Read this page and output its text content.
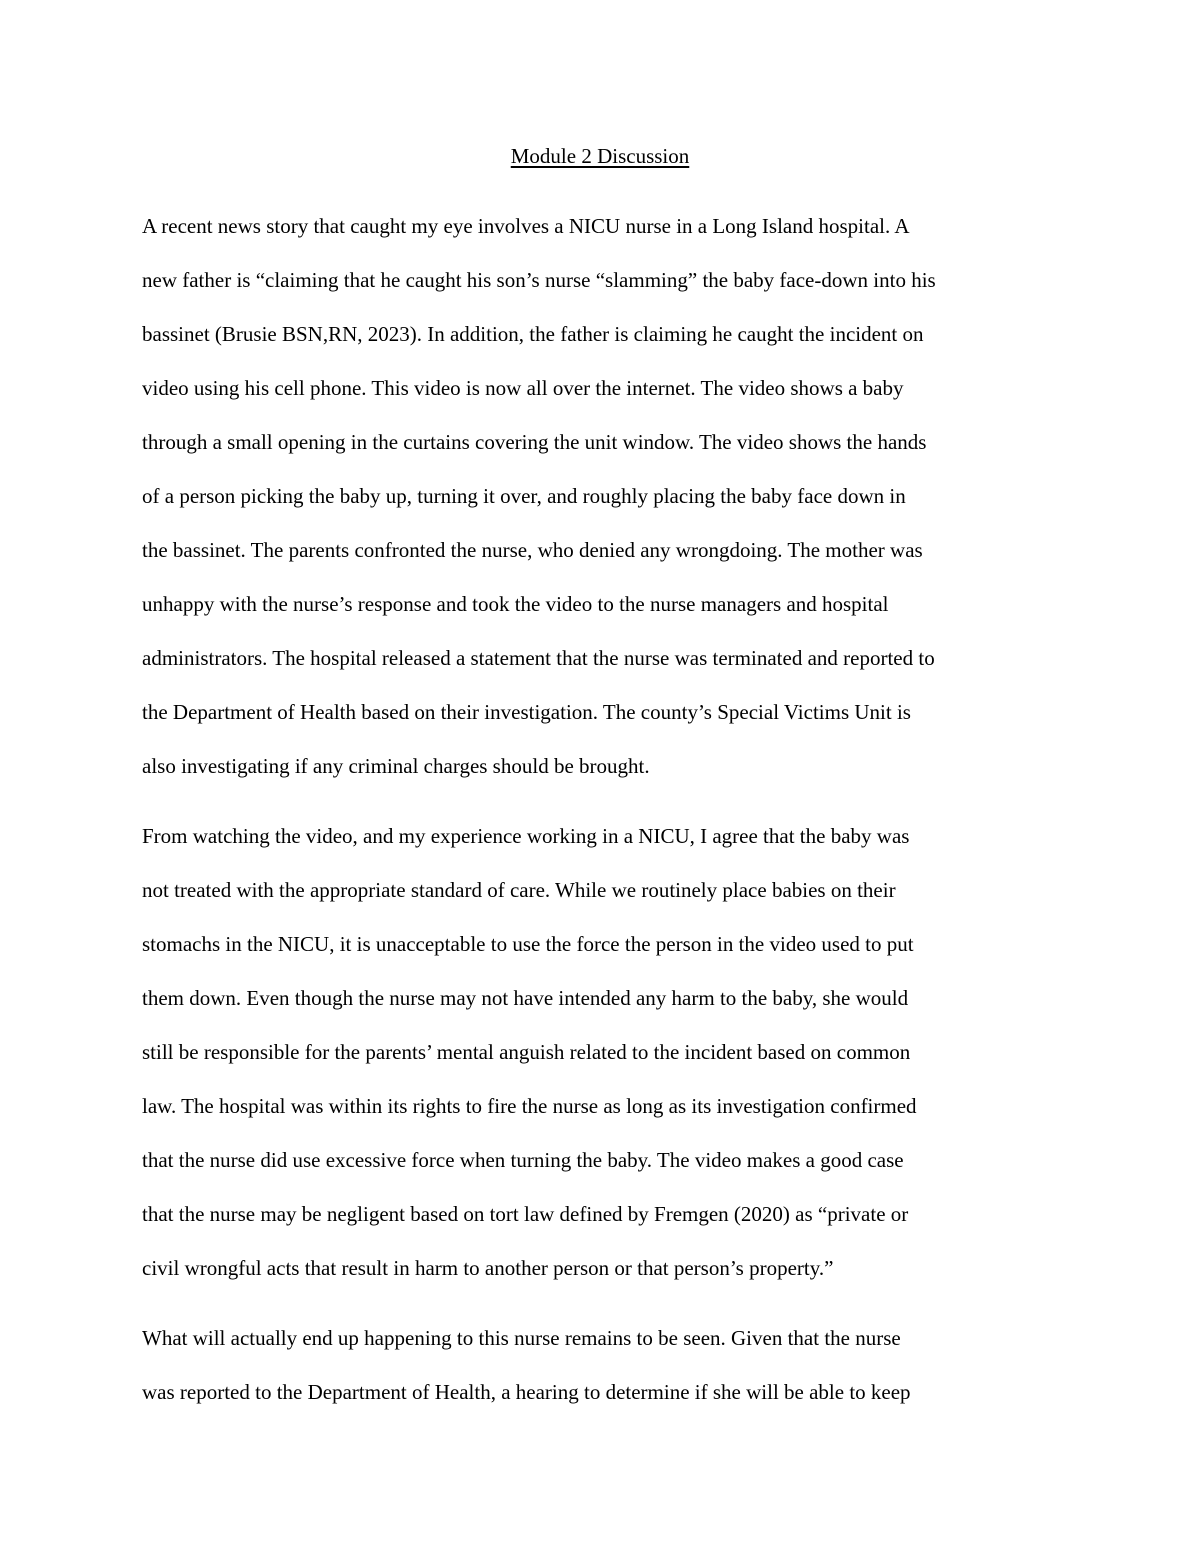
Module 2 Discussion
A recent news story that caught my eye involves a NICU nurse in a Long Island hospital. A
new father is “claiming that he caught his son’s nurse “slamming” the baby face-down into his
bassinet (Brusie BSN,RN, 2023). In addition, the father is claiming he caught the incident on
video using his cell phone. This video is now all over the internet. The video shows a baby
through a small opening in the curtains covering the unit window. The video shows the hands
of a person picking the baby up, turning it over, and roughly placing the baby face down in
the bassinet. The parents confronted the nurse, who denied any wrongdoing. The mother was
unhappy with the nurse’s response and took the video to the nurse managers and hospital
administrators. The hospital released a statement that the nurse was terminated and reported to
the Department of Health based on their investigation. The county’s Special Victims Unit is
also investigating if any criminal charges should be brought.
From watching the video, and my experience working in a NICU, I agree that the baby was
not treated with the appropriate standard of care. While we routinely place babies on their
stomachs in the NICU, it is unacceptable to use the force the person in the video used to put
them down. Even though the nurse may not have intended any harm to the baby, she would
still be responsible for the parents’ mental anguish related to the incident based on common
law. The hospital was within its rights to fire the nurse as long as its investigation confirmed
that the nurse did use excessive force when turning the baby. The video makes a good case
that the nurse may be negligent based on tort law defined by Fremgen (2020) as “private or
civil wrongful acts that result in harm to another person or that person’s property.”
What will actually end up happening to this nurse remains to be seen. Given that the nurse
was reported to the Department of Health, a hearing to determine if she will be able to keep
